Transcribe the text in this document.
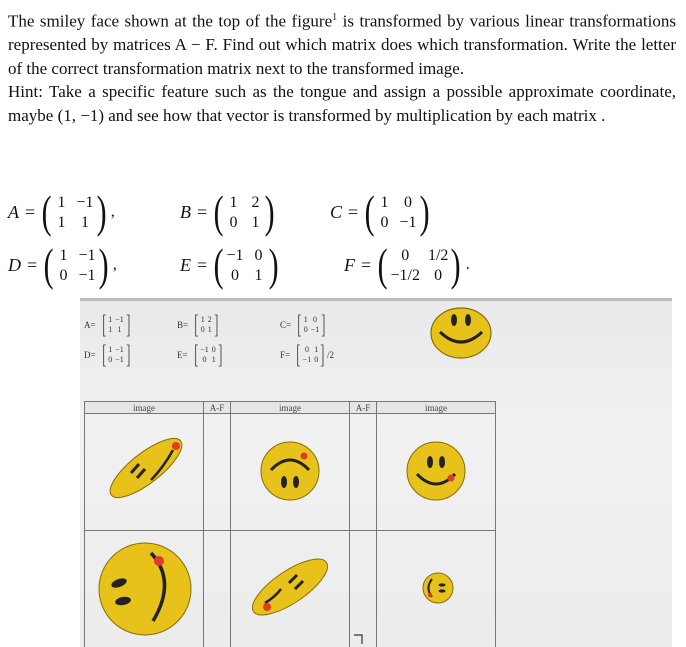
The smiley face shown at the top of the figure$^1$ is transformed by various linear transformations represented by matrices A − F. Find out which matrix does which transformation. Write the letter of the correct transformation matrix next to the transformed image.
Hint: Take a specific feature such as the tongue and assign a possible approximate coordinate, maybe (1, −1) and see how that vector is transformed by multiplication by each matrix .
A = ( 1 −1
1 1 ) ,	B = ( 1 2
0 1 )	C = ( 1 0
0 −1 )
D = ( 1 −1
0 −1 ) ,	E = ( −1 0
0 1 )	F = ( 0	1/2
−1/2 0 ) .
A= [ 1 −1
1 1 ]	B= [ 1 2
0 1 ]	C= [ 1 0
0 −1 ]
D= [ 1 −1
0 −1 ]	E= [ −1 0
0 1 ]	F= [ 0 1
−1 0 ] /2
image	A-F	image	A-F	image
